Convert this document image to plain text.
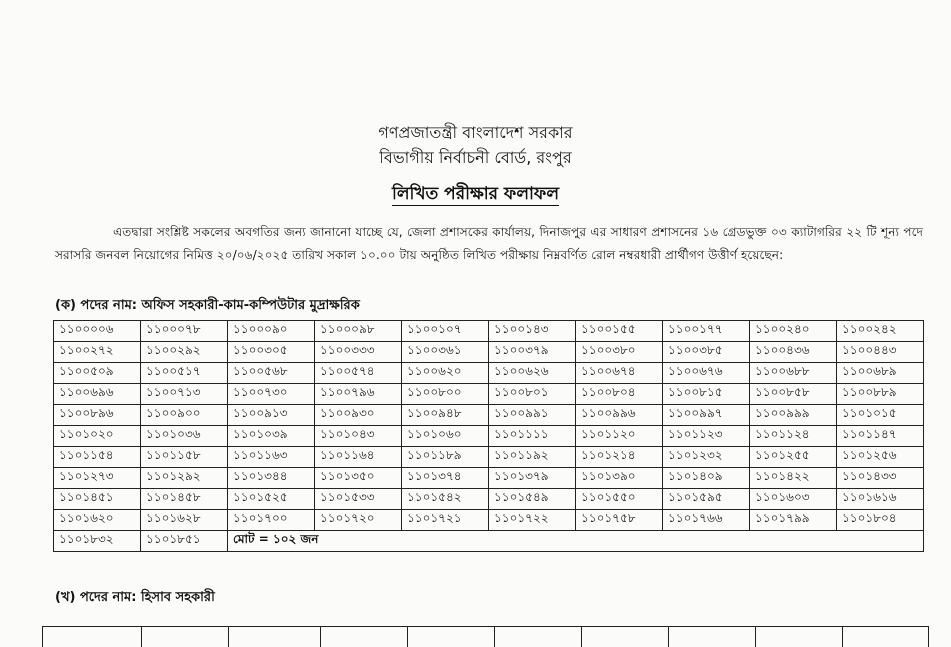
গণপ্রজাতন্ত্রী বাংলাদেশ সরকার
বিভাগীয় নির্বাচনী বোর্ড, রংপুর
লিখিত পরীক্ষার ফলাফল
এতদ্বারা সংশ্লিষ্ট সকলের অবগতির জন্য জানানো যাচ্ছে যে, জেলা প্রশাসকের কার্যালয়, দিনাজপুর এর সাধারণ প্রশাসনের ১৬ গ্রেডভুক্ত ০৩ ক্যাটাগরির ২২ টি শূন্য পদে সরাসরি জনবল নিয়োগের নিমিত্ত ২০/০৬/২০২৫ তারিখ সকাল ১০.০০ টায় অনুষ্ঠিত লিখিত পরীক্ষায় নিম্নবর্ণিত রোল নম্বরধারী প্রার্থীগণ উত্তীর্ণ হয়েছেন:
(ক) পদের নাম: অফিস সহকারী-কাম-কম্পিউটার মুদ্রাক্ষরিক
১১০০০০৬	১১০০০৭৮	১১০০০৯০	১১০০০৯৮	১১০০১০৭	১১০০১৪৩	১১০০১৫৫	১১০০১৭৭	১১০০২৪০	১১০০২৪২
১১০০২৭২	১১০০২৯২	১১০০৩০৫	১১০০৩৩৩	১১০০৩৬১	১১০০৩৭৯	১১০০৩৮০	১১০০৩৮৫	১১০০৪৩৬	১১০০৪৪৩
১১০০৫০৯	১১০০৫১৭	১১০০৫৬৮	১১০০৫৭৪	১১০০৬২০	১১০০৬২৬	১১০০৬৭৪	১১০০৬৭৬	১১০০৬৮৮	১১০০৬৮৯
১১০০৬৯৬	১১০০৭১৩	১১০০৭৩০	১১০০৭৯৬	১১০০৮০০	১১০০৮০১	১১০০৮০৪	১১০০৮১৫	১১০০৮৫৮	১১০০৮৮৯
১১০০৮৯৬	১১০০৯০০	১১০০৯১৩	১১০০৯৩০	১১০০৯৪৮	১১০০৯৯১	১১০০৯৯৬	১১০০৯৯৭	১১০০৯৯৯	১১০১০১৫
১১০১০২০	১১০১০৩৬	১১০১০৩৯	১১০১০৪৩	১১০১০৬০	১১০১১১১	১১০১১২০	১১০১১২৩	১১০১১২৪	১১০১১৪৭
১১০১১৫৪	১১০১১৫৮	১১০১১৬৩	১১০১১৬৪	১১০১১৮৯	১১০১১৯২	১১০১২১৪	১১০১২৩২	১১০১২৫৫	১১০১২৫৬
১১০১২৭৩	১১০১২৯২	১১০১৩৪৪	১১০১৩৫০	১১০১৩৭৪	১১০১৩৭৯	১১০১৩৯০	১১০১৪০৯	১১০১৪২২	১১০১৪৩৩
১১০১৪৫১	১১০১৪৫৮	১১০১৫২৫	১১০১৫৩৩	১১০১৫৪২	১১০১৫৪৯	১১০১৫৫০	১১০১৫৯৫	১১০১৬০৩	১১০১৬১৬
১১০১৬২০	১১০১৬২৮	১১০১৭০০	১১০১৭২০	১১০১৭২১	১১০১৭২২	১১০১৭৫৮	১১০১৭৬৬	১১০১৭৯৯	১১০১৮০৪
১১০১৮৩২	১১০১৮৫১	মোট = ১০২ জন							
(খ) পদের নাম: হিসাব সহকারী
